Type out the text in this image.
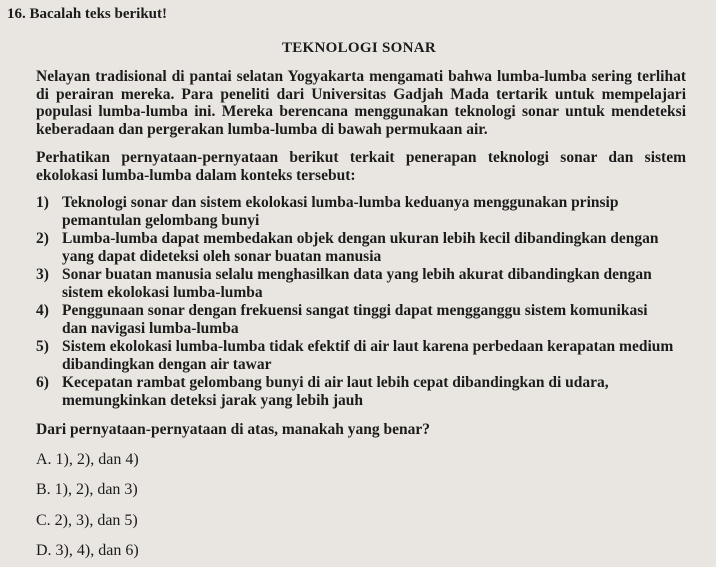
16. Bacalah teks berikut!
TEKNOLOGI SONAR

Nelayan tradisional di pantai selatan Yogyakarta mengamati bahwa lumba-lumba sering terlihat di perairan mereka. Para peneliti dari Universitas Gadjah Mada tertarik untuk mempelajari populasi lumba-lumba ini. Mereka berencana menggunakan teknologi sonar untuk mendeteksi keberadaan dan pergerakan lumba-lumba di bawah permukaan air.

Perhatikan pernyataan-pernyataan berikut terkait penerapan teknologi sonar dan sistem ekolokasi lumba-lumba dalam konteks tersebut:

1) Teknologi sonar dan sistem ekolokasi lumba-lumba keduanya menggunakan prinsip pemantulan gelombang bunyi
2) Lumba-lumba dapat membedakan objek dengan ukuran lebih kecil dibandingkan dengan yang dapat dideteksi oleh sonar buatan manusia
3) Sonar buatan manusia selalu menghasilkan data yang lebih akurat dibandingkan dengan sistem ekolokasi lumba-lumba
4) Penggunaan sonar dengan frekuensi sangat tinggi dapat mengganggu sistem komunikasi dan navigasi lumba-lumba
5) Sistem ekolokasi lumba-lumba tidak efektif di air laut karena perbedaan kerapatan medium dibandingkan dengan air tawar
6) Kecepatan rambat gelombang bunyi di air laut lebih cepat dibandingkan di udara, memungkinkan deteksi jarak yang lebih jauh
Dari pernyataan-pernyataan di atas, manakah yang benar?
A. 1), 2), dan 4)
B. 1), 2), dan 3)
C. 2), 3), dan 5)
D. 3), 4), dan 6)
